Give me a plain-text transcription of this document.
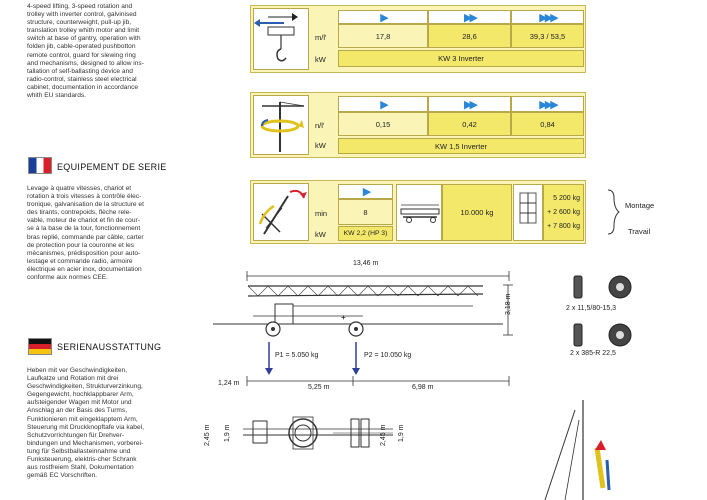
4-speed lifting, 3-speed rotation and
trolley with inverter control, galvinised
structure, counterweight, pull-up jib,
translation trolley whith motor and limit
switch at base of gantry, operation with
folden jib, cable-operated pushbotton
remote control, guard for slewing ring
and mechanisms, designed to allow ins-
tallation of self-ballasting device and
radio-control, stainless steel electrical
cabinet, documentation in accordance
whith EU standards.
EQUIPEMENT DE SERIE
Levage à quatre vitesses, chariot et
rotation à trois vitesses à contrôle élec-
tronique, galvanisation de la structure et
des tirants, contrepoids, flèche rele-
vable, moteur de chariot et fin de cour-
se à la base de la tour, fonctionnement
bras replié, commande par câble, carter
de protection pour la couronne et les
mécanismes, prédisposition pour auto-
lestage et commande radio, armoire
électrique en acier inox, documentation
conforme aux normes CEE.
SERIENAUSSTATTUNG
Heben mit ver Geschwindigkeiten,
Laufkatze und Rotation mit drei
Geschwindigkeiten, Strukturverzinkung,
Gegengewicht, hochklappbarer Arm,
aufsteigender Wagen mit Motor und
Anschlag an der Basis des Turms,
Funktionieren mit eingeklapptem Arm,
Steuerung mit Druckknopftafe via kabel,
Schutzvorrichtungen für Drehver-
bindungen und Mechanismen, vorberei-
tung für Selbstballasteinnahme und
Funksteuerung, elektris-cher Schrank
aus rostfreiem Stahl, Dokumentation
gemäß EC Vorschriften.
m/l'
kW
▶	▶▶	▶▶▶
17,8	28,6	39,3 / 53,5
KW 3 Inverter
n/l'
kW
▶	▶▶	▶▶▶
0,15	0,42	0,84
KW 1,5 Inverter
min
kW
▶
8
KW 2,2 (HP 3)
10.000 kg
5 200 kg
+ 2 600 kg
+ 7 800 kg
Montage
Travail
13,46 m
+
3,18 m
P1 = 5.050 kg	P2 = 10.050 kg
1,24 m
5,25 m	6,98 m
2,45 m 1,9 m	2,45 m 1,9 m
2 x 11,5/80-15,3
2 x 385-R 22,5
